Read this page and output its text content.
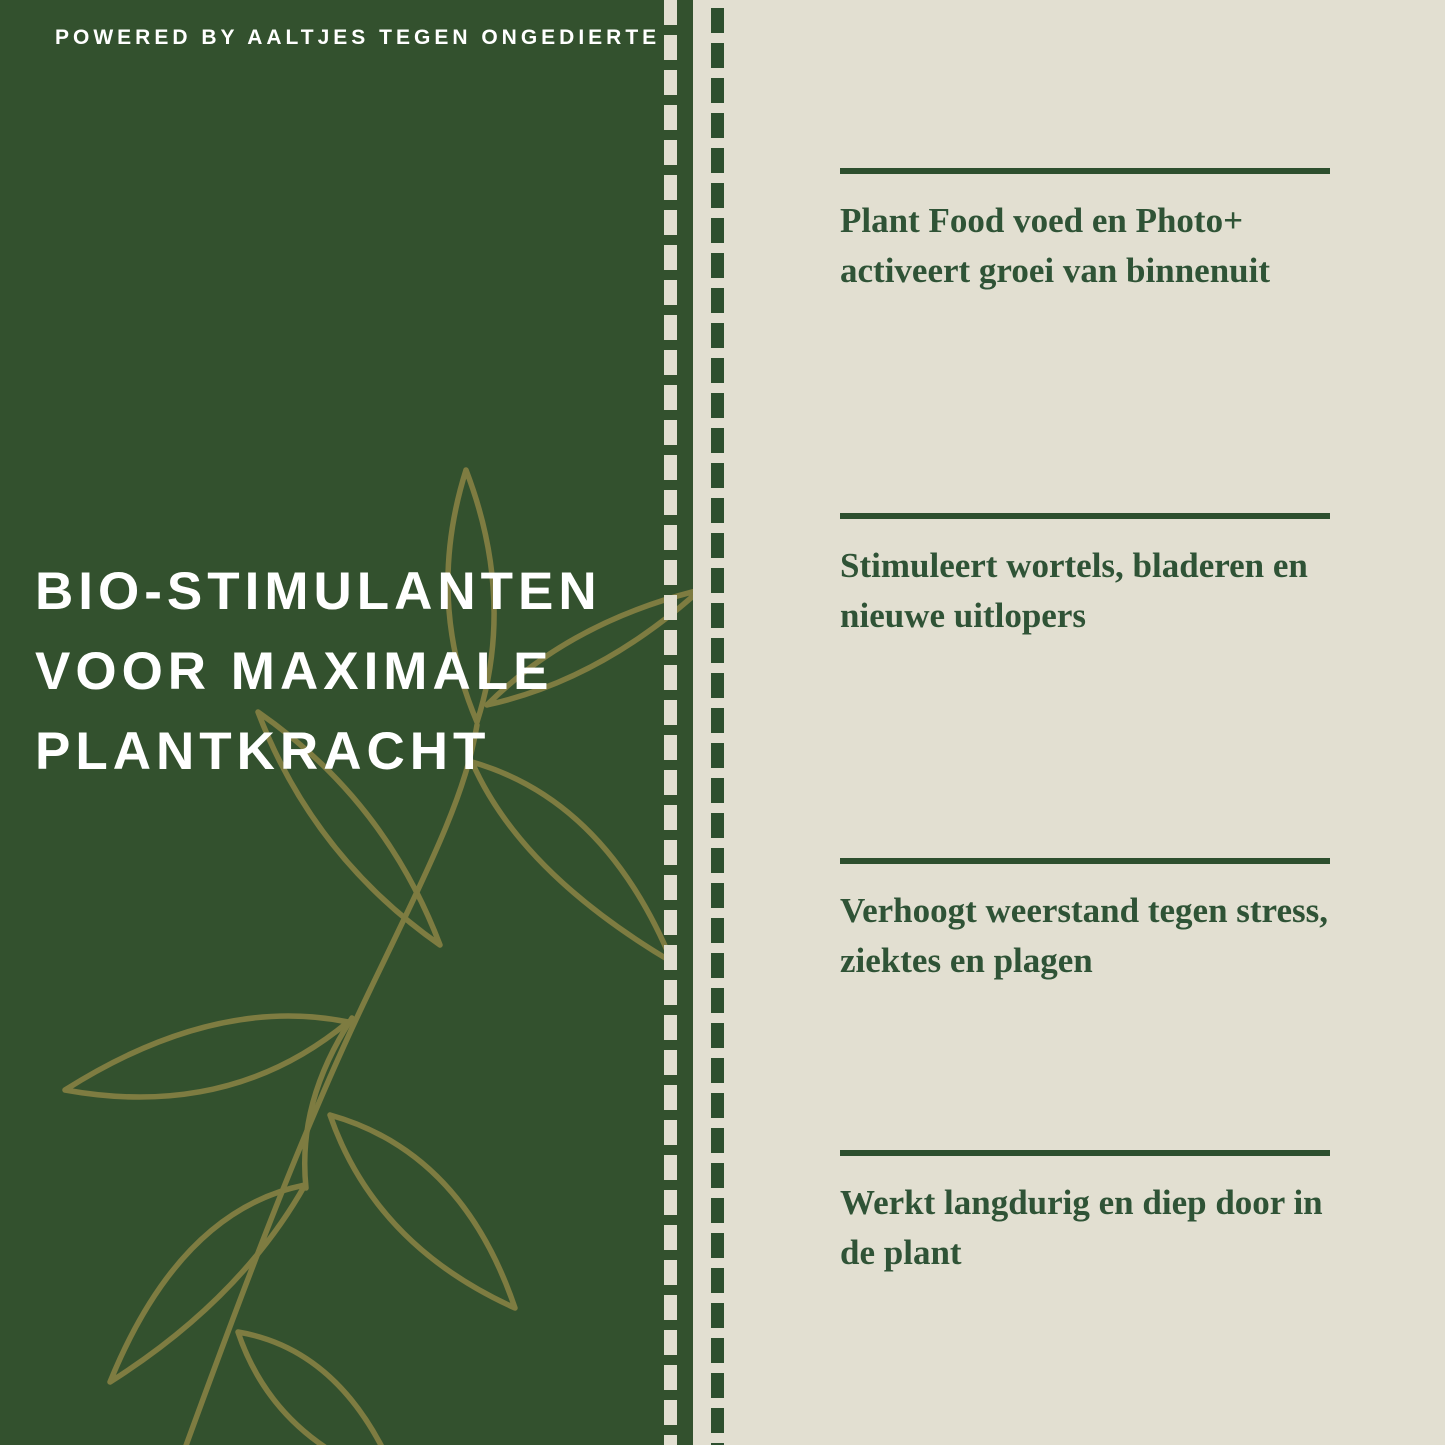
POWERED BY AALTJES TEGEN ONGEDIERTE
BIO-STIMULANTEN
VOOR MAXIMALE
PLANTKRACHT

Plant Food voed en Photo+ activeert groei van binnenuit

Stimuleert wortels, bladeren en nieuwe uitlopers

Verhoogt weerstand tegen stress, ziektes en plagen

Werkt langdurig en diep door in de plant
